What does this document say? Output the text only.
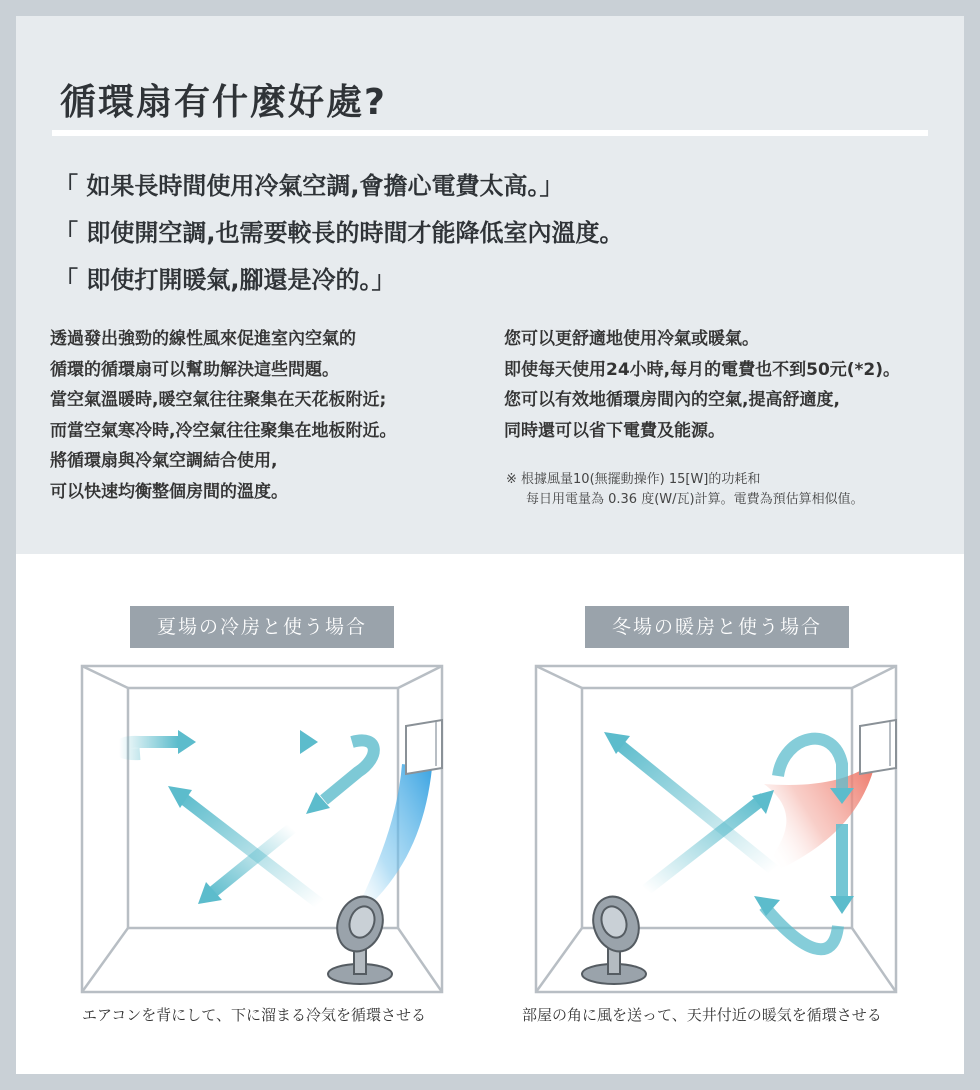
循環扇有什麼好處?
「 如果長時間使用冷氣空調,會擔心電費太高。」
「 即使開空調,也需要較長的時間才能降低室內溫度。
「 即使打開暖氣,腳還是冷的。」
透過發出強勁的線性風來促進室內空氣的
循環的循環扇可以幫助解決這些問題。
當空氣溫暖時,暖空氣往往聚集在天花板附近;
而當空氣寒冷時,冷空氣往往聚集在地板附近。
將循環扇與冷氣空調結合使用,
可以快速均衡整個房間的溫度。
您可以更舒適地使用冷氣或暖氣。
即使每天使用24小時,每月的電費也不到50元(*2)。
您可以有效地循環房間內的空氣,提高舒適度,
同時還可以省下電費及能源。
※ 根據風量10(無擺動操作) 15[W]的功耗和
每日用電量為 0.36 度(W/瓦)計算。電費為預估算相似值。
夏場の冷房と使う場合
エアコンを背にして、下に溜まる冷気を循環させる
冬場の暖房と使う場合
部屋の角に風を送って、天井付近の暖気を循環させる
